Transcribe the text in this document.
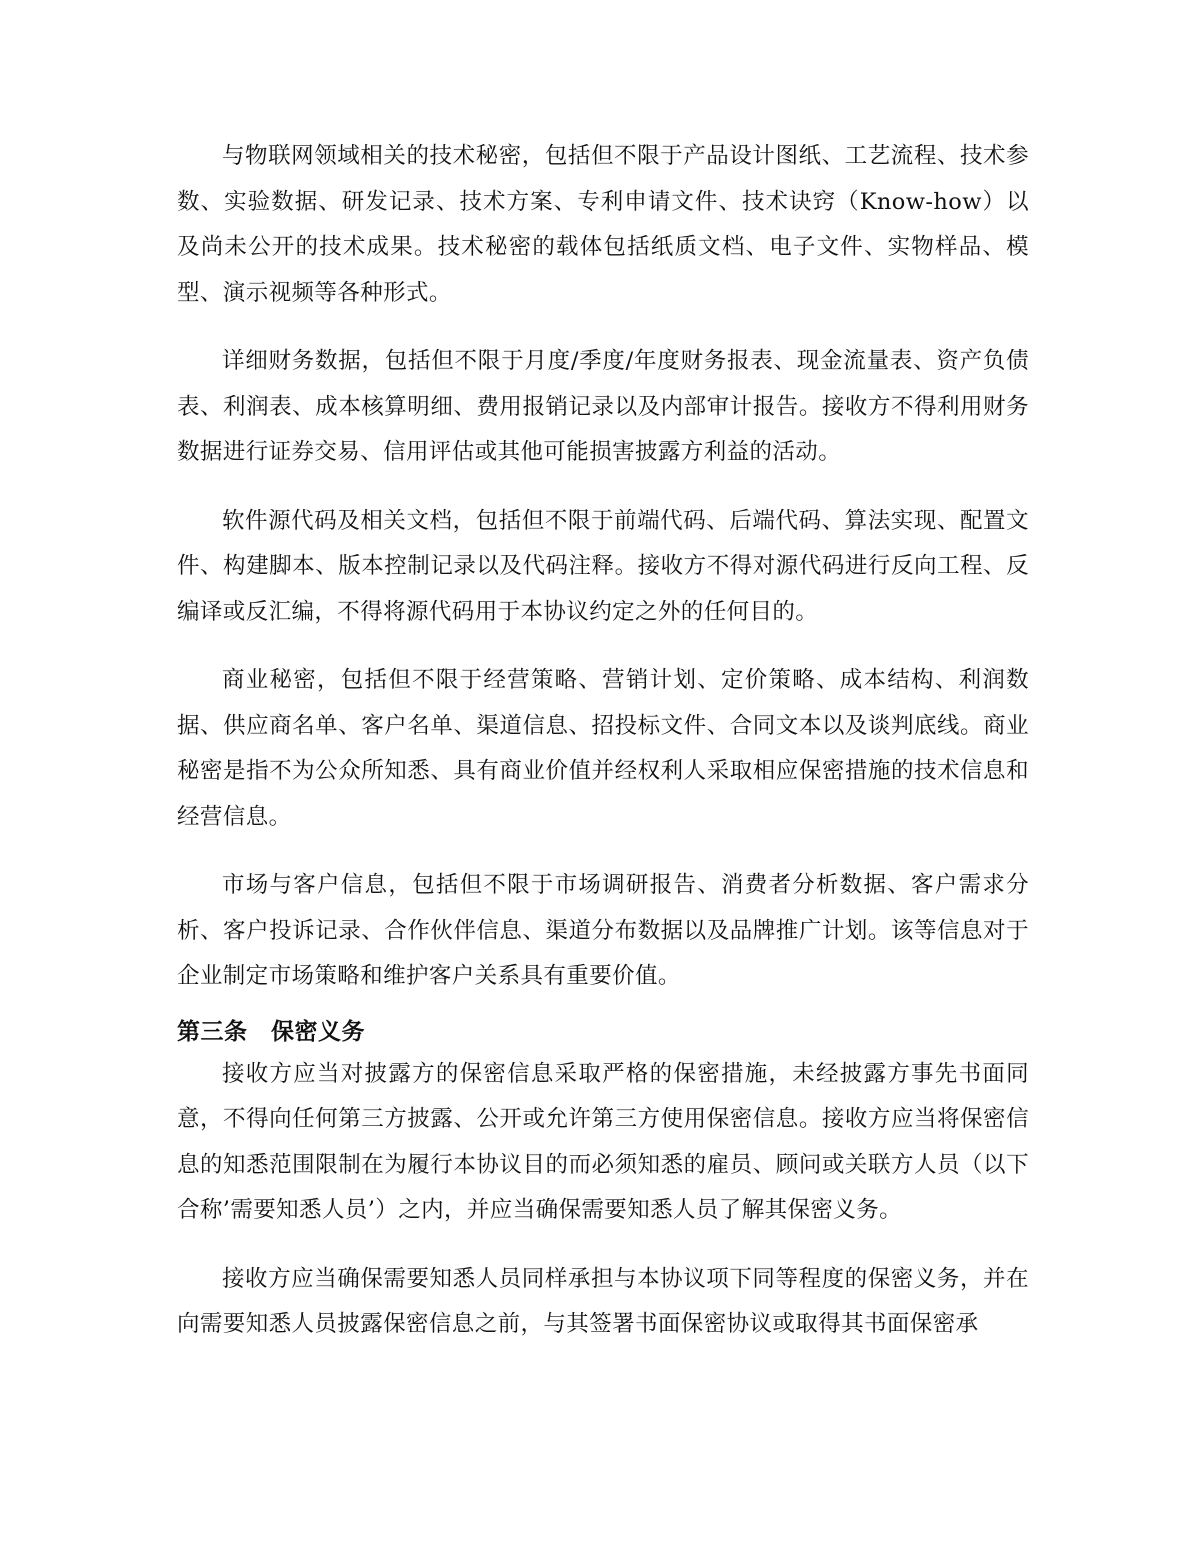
与物联网领域相关的技术秘密，包括但不限于产品设计图纸、工艺流程、技术参数、实验数据、研发记录、技术方案、专利申请文件、技术诀窍（Know-how）以及尚未公开的技术成果。技术秘密的载体包括纸质文档、电子文件、实物样品、模型、演示视频等各种形式。

详细财务数据，包括但不限于月度/季度/年度财务报表、现金流量表、资产负债表、利润表、成本核算明细、费用报销记录以及内部审计报告。接收方不得利用财务数据进行证券交易、信用评估或其他可能损害披露方利益的活动。

软件源代码及相关文档，包括但不限于前端代码、后端代码、算法实现、配置文件、构建脚本、版本控制记录以及代码注释。接收方不得对源代码进行反向工程、反编译或反汇编，不得将源代码用于本协议约定之外的任何目的。

商业秘密，包括但不限于经营策略、营销计划、定价策略、成本结构、利润数据、供应商名单、客户名单、渠道信息、招投标文件、合同文本以及谈判底线。商业秘密是指不为公众所知悉、具有商业价值并经权利人采取相应保密措施的技术信息和经营信息。

市场与客户信息，包括但不限于市场调研报告、消费者分析数据、客户需求分析、客户投诉记录、合作伙伴信息、渠道分布数据以及品牌推广计划。该等信息对于企业制定市场策略和维护客户关系具有重要价值。

第三条　保密义务

接收方应当对披露方的保密信息采取严格的保密措施，未经披露方事先书面同意，不得向任何第三方披露、公开或允许第三方使用保密信息。接收方应当将保密信息的知悉范围限制在为履行本协议目的而必须知悉的雇员、顾问或关联方人员（以下合称’需要知悉人员’）之内，并应当确保需要知悉人员了解其保密义务。

接收方应当确保需要知悉人员同样承担与本协议项下同等程度的保密义务，并在向需要知悉人员披露保密信息之前，与其签署书面保密协议或取得其书面保密承
